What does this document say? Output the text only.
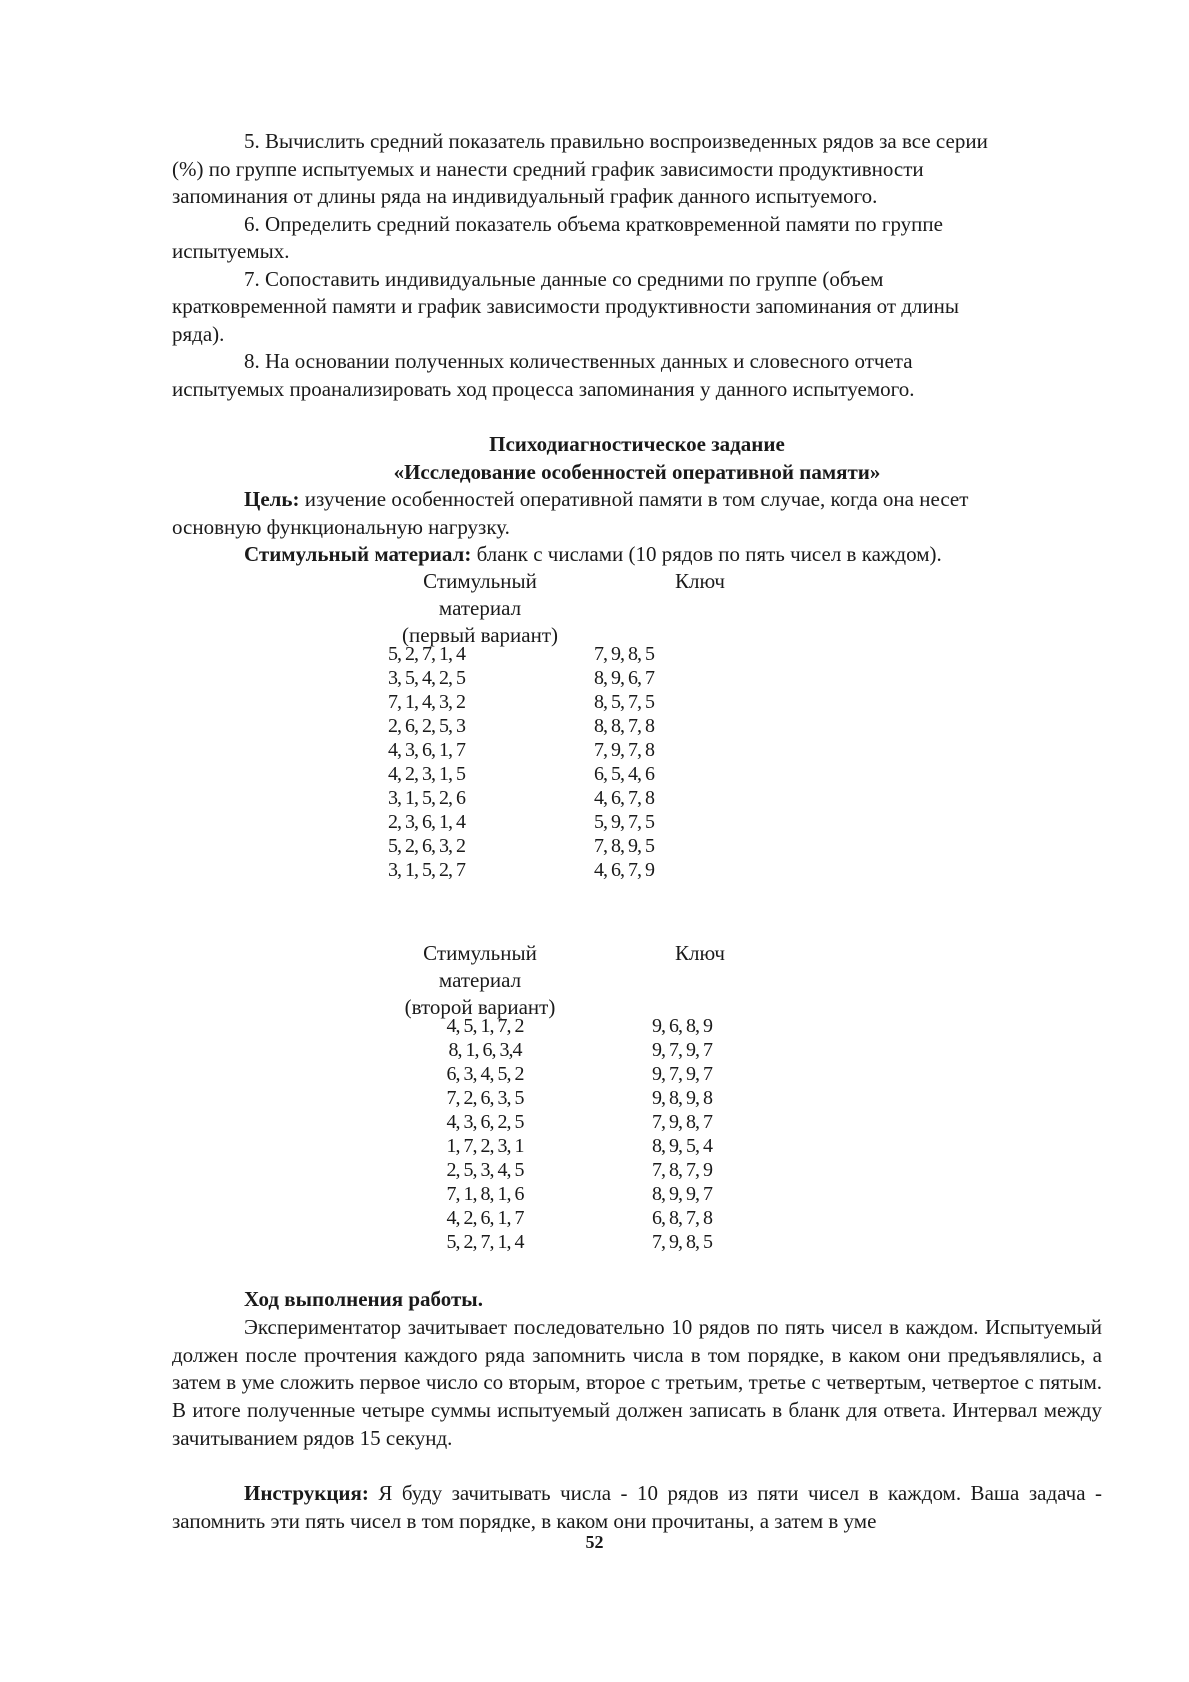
5. Вычислить средний показатель правильно воспроизведенных рядов за все серии
(%) по группе испытуемых и нанести средний график зависимости продуктивности
запоминания от длины ряда на индивидуальный график данного испытуемого.
6. Определить средний показатель объема кратковременной памяти по группе
испытуемых.
7. Сопоставить индивидуальные данные со средними по группе (объем
кратковременной памяти и график зависимости продуктивности запоминания от длины
ряда).
8. На основании полученных количественных данных и словесного отчета
испытуемых проанализировать ход процесса запоминания у данного испытуемого.
Психодиагностическое задание
«Исследование особенностей оперативной памяти»
Цель: изучение особенностей оперативной памяти в том случае, когда она несет
основную функциональную нагрузку.
Стимульный материал: бланк с числами (10 рядов по пять чисел в каждом).
Стимульный
материал
(первый вариант)
Ключ
5, 2, 7, 1, 4
3, 5, 4, 2, 5
7, 1, 4, 3, 2
2, 6, 2, 5, 3
4, 3, 6, 1, 7
4, 2, 3, 1, 5
3, 1, 5, 2, 6
2, 3, 6, 1, 4
5, 2, 6, 3, 2
3, 1, 5, 2, 7
7, 9, 8, 5
8, 9, 6, 7
8, 5, 7, 5
8, 8, 7, 8
7, 9, 7, 8
6, 5, 4, 6
4, 6, 7, 8
5, 9, 7, 5
7, 8, 9, 5
4, 6, 7, 9
Стимульный
материал
(второй вариант)
Ключ
4, 5, 1, 7, 2
8, 1, 6, 3,4
6, 3, 4, 5, 2
7, 2, 6, 3, 5
4, 3, 6, 2, 5
1, 7, 2, 3, 1
2, 5, 3, 4, 5
7, 1, 8, 1, 6
4, 2, 6, 1, 7
5, 2, 7, 1, 4
9, 6, 8, 9
9, 7, 9, 7
9, 7, 9, 7
9, 8, 9, 8
7, 9, 8, 7
8, 9, 5, 4
7, 8, 7, 9
8, 9, 9, 7
6, 8, 7, 8
7, 9, 8, 5
Ход выполнения работы.
Экспериментатор зачитывает последовательно 10 рядов по пять чисел в каждом. Испытуемый должен после прочтения каждого ряда запомнить числа в том порядке, в каком они предъявлялись, а затем в уме сложить первое число со вторым, второе с третьим, третье с четвертым, четвертое с пятым. В итоге полученные четыре суммы испытуемый должен записать в бланк для ответа. Интервал между зачитыванием рядов 15 секунд.
Инструкция: Я буду зачитывать числа - 10 рядов из пяти чисел в каждом. Ваша задача - запомнить эти пять чисел в том порядке, в каком они прочитаны, а затем в уме
52
